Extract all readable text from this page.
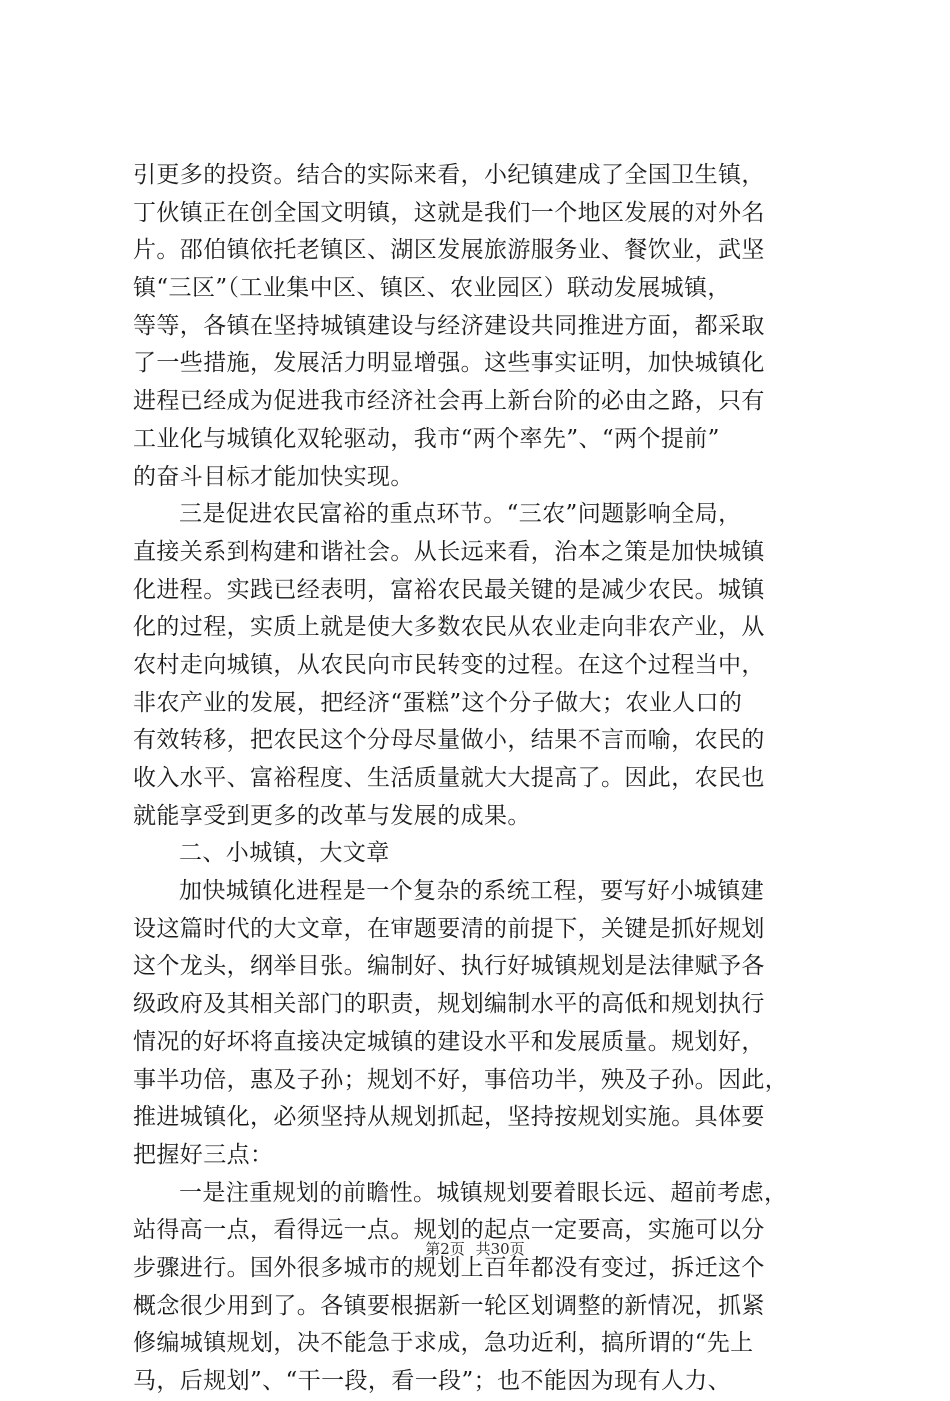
引更多的投资。结合的实际来看，小纪镇建成了全国卫生镇，
丁伙镇正在创全国文明镇，这就是我们一个地区发展的对外名
片。邵伯镇依托老镇区、湖区发展旅游服务业、餐饮业，武坚
镇“三区”（工业集中区、镇区、农业园区）联动发展城镇，
等等，各镇在坚持城镇建设与经济建设共同推进方面，都采取
了一些措施，发展活力明显增强。这些事实证明，加快城镇化
进程已经成为促进我市经济社会再上新台阶的必由之路，只有
工业化与城镇化双轮驱动，我市“两个率先”、“两个提前”
的奋斗目标才能加快实现。
三是促进农民富裕的重点环节。“三农”问题影响全局，
直接关系到构建和谐社会。从长远来看，治本之策是加快城镇
化进程。实践已经表明，富裕农民最关键的是减少农民。城镇
化的过程，实质上就是使大多数农民从农业走向非农产业，从
农村走向城镇，从农民向市民转变的过程。在这个过程当中，
非农产业的发展，把经济“蛋糕”这个分子做大；农业人口的
有效转移，把农民这个分母尽量做小，结果不言而喻，农民的
收入水平、富裕程度、生活质量就大大提高了。因此，农民也
就能享受到更多的改革与发展的成果。
二、小城镇，大文章
加快城镇化进程是一个复杂的系统工程，要写好小城镇建
设这篇时代的大文章，在审题要清的前提下，关键是抓好规划
这个龙头，纲举目张。编制好、执行好城镇规划是法律赋予各
级政府及其相关部门的职责，规划编制水平的高低和规划执行
情况的好坏将直接决定城镇的建设水平和发展质量。规划好，
事半功倍，惠及子孙；规划不好，事倍功半，殃及子孙。因此，
推进城镇化，必须坚持从规划抓起，坚持按规划实施。具体要
把握好三点：
一是注重规划的前瞻性。城镇规划要着眼长远、超前考虑，
站得高一点，看得远一点。规划的起点一定要高，实施可以分
步骤进行。国外很多城市的规划上百年都没有变过，拆迁这个
概念很少用到了。各镇要根据新一轮区划调整的新情况，抓紧
修编城镇规划，决不能急于求成，急功近利，搞所谓的“先上
马，后规划”、“干一段，看一段”；也不能因为现有人力、
第2页 共30页
